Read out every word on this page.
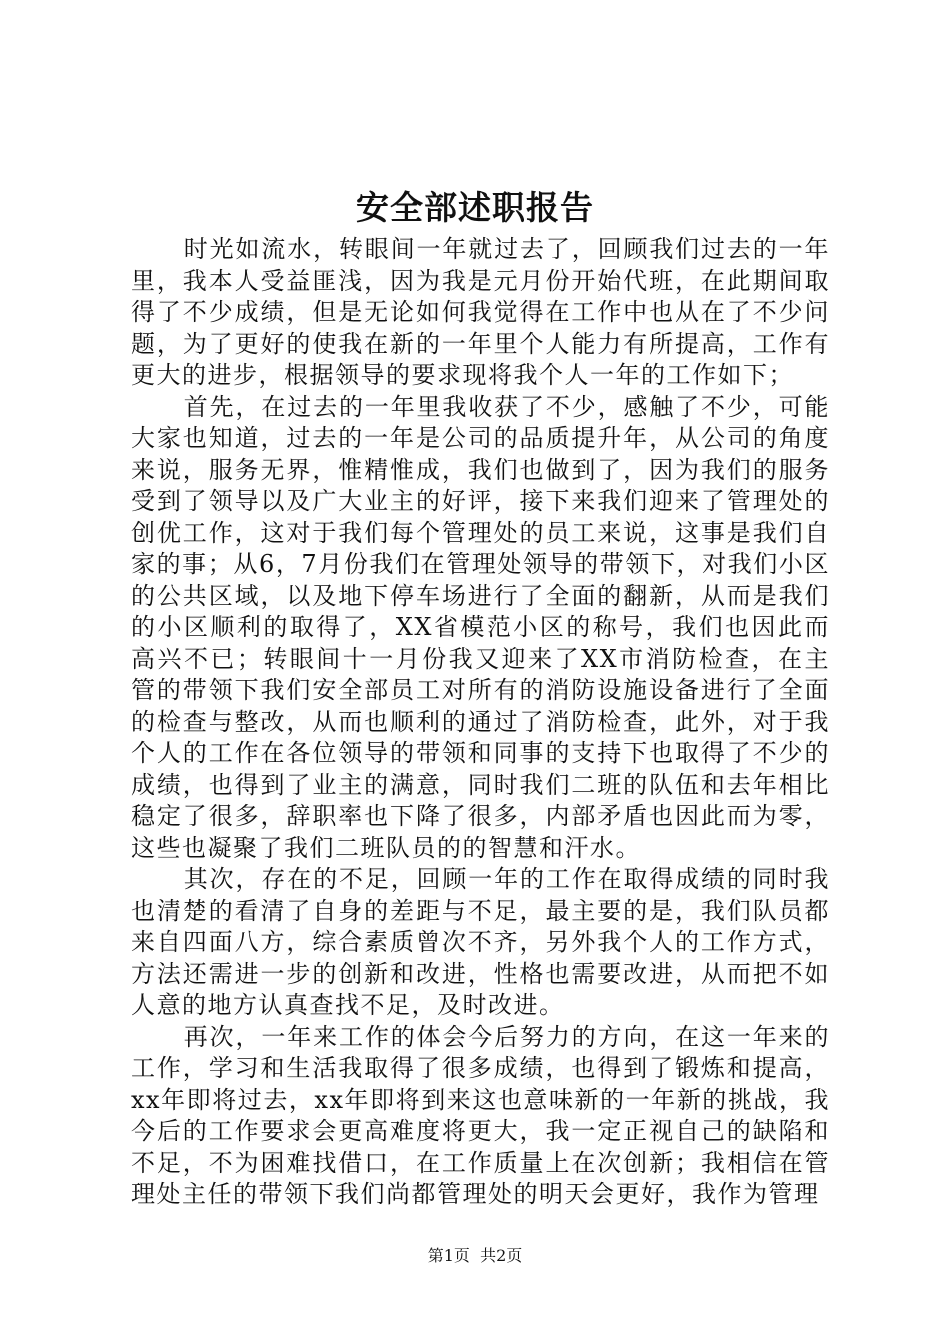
安全部述职报告

时光如流水，转眼间一年就过去了，回顾我们过去的一年里，我本人受益匪浅，因为我是元月份开始代班，在此期间取得了不少成绩，但是无论如何我觉得在工作中也从在了不少问题，为了更好的使我在新的一年里个人能力有所提高，工作有更大的进步，根据领导的要求现将我个人一年的工作如下；

首先，在过去的一年里我收获了不少，感触了不少，可能大家也知道，过去的一年是公司的品质提升年，从公司的角度来说，服务无界，惟精惟成，我们也做到了，因为我们的服务受到了领导以及广大业主的好评，接下来我们迎来了管理处的创优工作，这对于我们每个管理处的员工来说，这事是我们自家的事；从6，7月份我们在管理处领导的带领下，对我们小区的公共区域，以及地下停车场进行了全面的翻新，从而是我们的小区顺利的取得了，XX省模范小区的称号，我们也因此而高兴不已；转眼间十一月份我又迎来了XX市消防检查，在主管的带领下我们安全部员工对所有的消防设施设备进行了全面的检查与整改，从而也顺利的通过了消防检查，此外，对于我个人的工作在各位领导的带领和同事的支持下也取得了不少的成绩，也得到了业主的满意，同时我们二班的队伍和去年相比稳定了很多，辞职率也下降了很多，内部矛盾也因此而为零，这些也凝聚了我们二班队员的的智慧和汗水。

其次，存在的不足，回顾一年的工作在取得成绩的同时我也清楚的看清了自身的差距与不足，最主要的是，我们队员都来自四面八方，综合素质曾次不齐，另外我个人的工作方式，方法还需进一步的创新和改进，性格也需要改进，从而把不如人意的地方认真查找不足，及时改进。

再次，一年来工作的体会今后努力的方向，在这一年来的工作，学习和生活我取得了很多成绩，也得到了锻炼和提高，xx年即将过去，xx年即将到来这也意味新的一年新的挑战，我今后的工作要求会更高难度将更大，我一定正视自己的缺陷和不足，不为困难找借口，在工作质量上在次创新；我相信在管理处主任的带领下我们尚都管理处的明天会更好，我作为管理

第1页  共2页
